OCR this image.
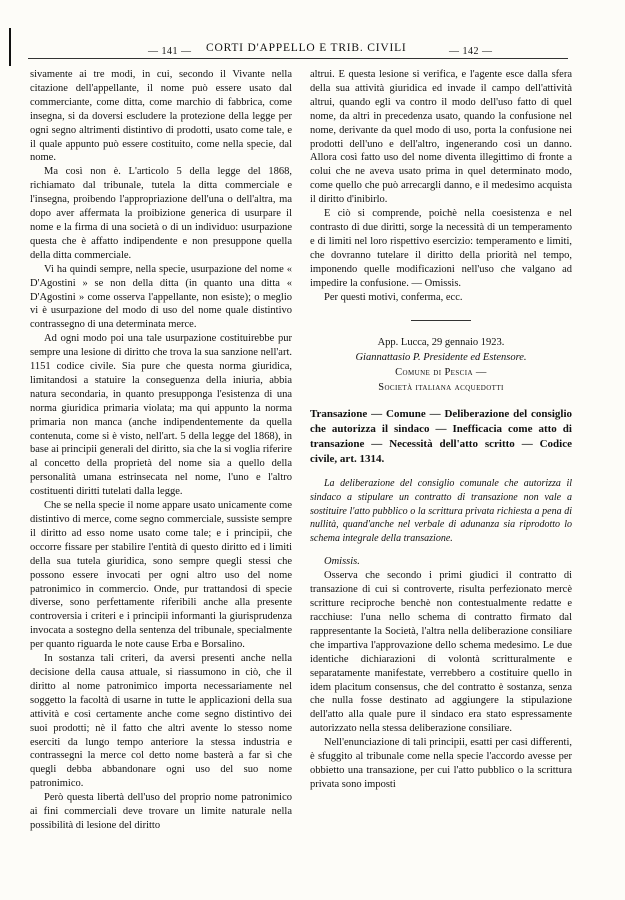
— 141 — CORTI D'APPELLO E TRIB. CIVILI	— 142 —

sivamente ai tre modi, in cui, secondo il Vivante nella citazione dell'appellante, il nome può essere usato dal commerciante, come ditta, come marchio di fabbrica, come insegna, si da doversi escludere la protezione della legge per ogni segno altrimenti distintivo di prodotti, usato come tale, e il quale appunto può essere costituito, come nella specie, dal nome.

Ma così non è. L'articolo 5 della legge del 1868, richiamato dal tribunale, tutela la ditta commerciale e l'insegna, proibendo l'appropriazione dell'una o dell'altra, ma dopo aver affermata la proibizione generica di usurpare il nome e la firma di una società o di un individuo: usurpazione questa che è affatto indipendente e non presuppone quella della ditta commerciale.

Vi ha quindi sempre, nella specie, usurpazione del nome « D'Agostini » se non della ditta (in quanto una ditta « D'Agostini » come osserva l'appellante, non esiste); o meglio vi è usurpazione del modo di uso del nome quale distintivo contrassegno di una determinata merce.

Ad ogni modo poi una tale usurpazione costituirebbe pur sempre una lesione di diritto che trova la sua sanzione nell'art. 1151 codice civile. Sia pure che questa norma giuridica, limitandosi a statuire la conseguenza della iniuria, abbia natura secondaria, in quanto presupponga l'esistenza di una norma giuridica primaria violata; ma qui appunto la norma primaria non manca (anche indipendentemente da quella contenuta, come si è visto, nell'art. 5 della legge del 1868), in base ai principii generali del diritto, sia che la si voglia riferire al concetto della proprietà del nome sia a quello della personalità umana estrinsecata nel nome, l'uno e l'altro costituenti diritti tutelati dalla legge.

Che se nella specie il nome appare usato unicamente come distintivo di merce, come segno commerciale, sussiste sempre il diritto ad esso nome usato come tale; e i principii, che occorre fissare per stabilire l'entità di questo diritto ed i limiti della sua tutela giuridica, sono sempre quegli stessi che possono essere invocati per ogni altro uso del nome patronimico in commercio. Onde, pur trattandosi di specie diverse, sono perfettamente riferibili anche alla presente controversia i criteri e i principii informanti la giurisprudenza invocata a sostegno della sentenza del tribunale, specialmente per quanto riguarda le note cause Erba e Borsalino.

In sostanza tali criteri, da aversi presenti anche nella decisione della causa attuale, si riassumono in ciò, che il diritto al nome patronimico importa necessariamente nel soggetto la facoltà di usarne in tutte le applicazioni della sua attività e così certamente anche come segno distintivo dei suoi prodotti; nè il fatto che altri avente lo stesso nome eserciti da lungo tempo anteriore la stessa industria e contrassegni la merce col detto nome basterà a far sì che quegli debba abbandonare ogni uso del suo nome patronimico.

Però questa libertà dell'uso del proprio nome patronimico ai fini commerciali deve trovare un limite naturale nella possibilità di lesione del diritto

altrui. E questa lesione si verifica, e l'agente esce dalla sfera della sua attività giuridica ed invade il campo dell'attività altrui, quando egli va contro il modo dell'uso fatto di quel nome, da altri in precedenza usato, quando la confusione nel nome, derivante da quel modo di uso, porta la confusione nei prodotti dell'uno e dell'altro, ingenerando così un danno. Allora così fatto uso del nome diventa illegittimo di fronte a colui che ne aveva usato prima in quel determinato modo, come quello che può arrecargli danno, e il medesimo acquista il diritto d'inibirlo.

E ciò si comprende, poichè nella coesistenza e nel contrasto di due diritti, sorge la necessità di un temperamento e di limiti nel loro rispettivo esercizio: temperamento e limiti, che dovranno tutelare il diritto della priorità nel tempo, imponendo quelle modificazioni nell'uso che valgano ad impedire la confusione. — Omissis.

Per questi motivi, conferma, ecc.

App. Lucca, 29 gennaio 1923.
Giannattasio P. Presidente ed Estensore.
Comune di Pescia —
Società italiana acquedotti
Transazione — Comune — Deliberazione del consiglio che autorizza il sindaco — Inefficacia come atto di transazione — Necessità dell'atto scritto — Codice civile, art. 1314.
La deliberazione del consiglio comunale che autorizza il sindaco a stipulare un contratto di transazione non vale a sostituire l'atto pubblico o la scrittura privata richiesta a pena di nullità, quand'anche nel verbale di adunanza sia riprodotto lo schema integrale della transazione.

Omissis.

Osserva che secondo i primi giudici il contratto di transazione di cui si controverte, risulta perfezionato mercè scritture reciproche benchè non contestualmente redatte e racchiuse: l'una nello schema di contratto firmato dal rappresentante la Società, l'altra nella deliberazione consiliare che impartiva l'approvazione dello schema medesimo. Le due identiche dichiarazioni di volontà scritturalmente e separatamente manifestate, verrebbero a costituire quello in idem placitum consensus, che del contratto è sostanza, senza che nulla fosse destinato ad aggiungere la stipulazione dell'atto alla quale pure il sindaco era stato espressamente autorizzato nella stessa deliberazione consiliare.

Nell'enunciazione di tali principii, esatti per casi differenti, è sfuggito al tribunale come nella specie l'accordo avesse per obbietto una transazione, per cui l'atto pubblico o la scrittura privata sono imposti
